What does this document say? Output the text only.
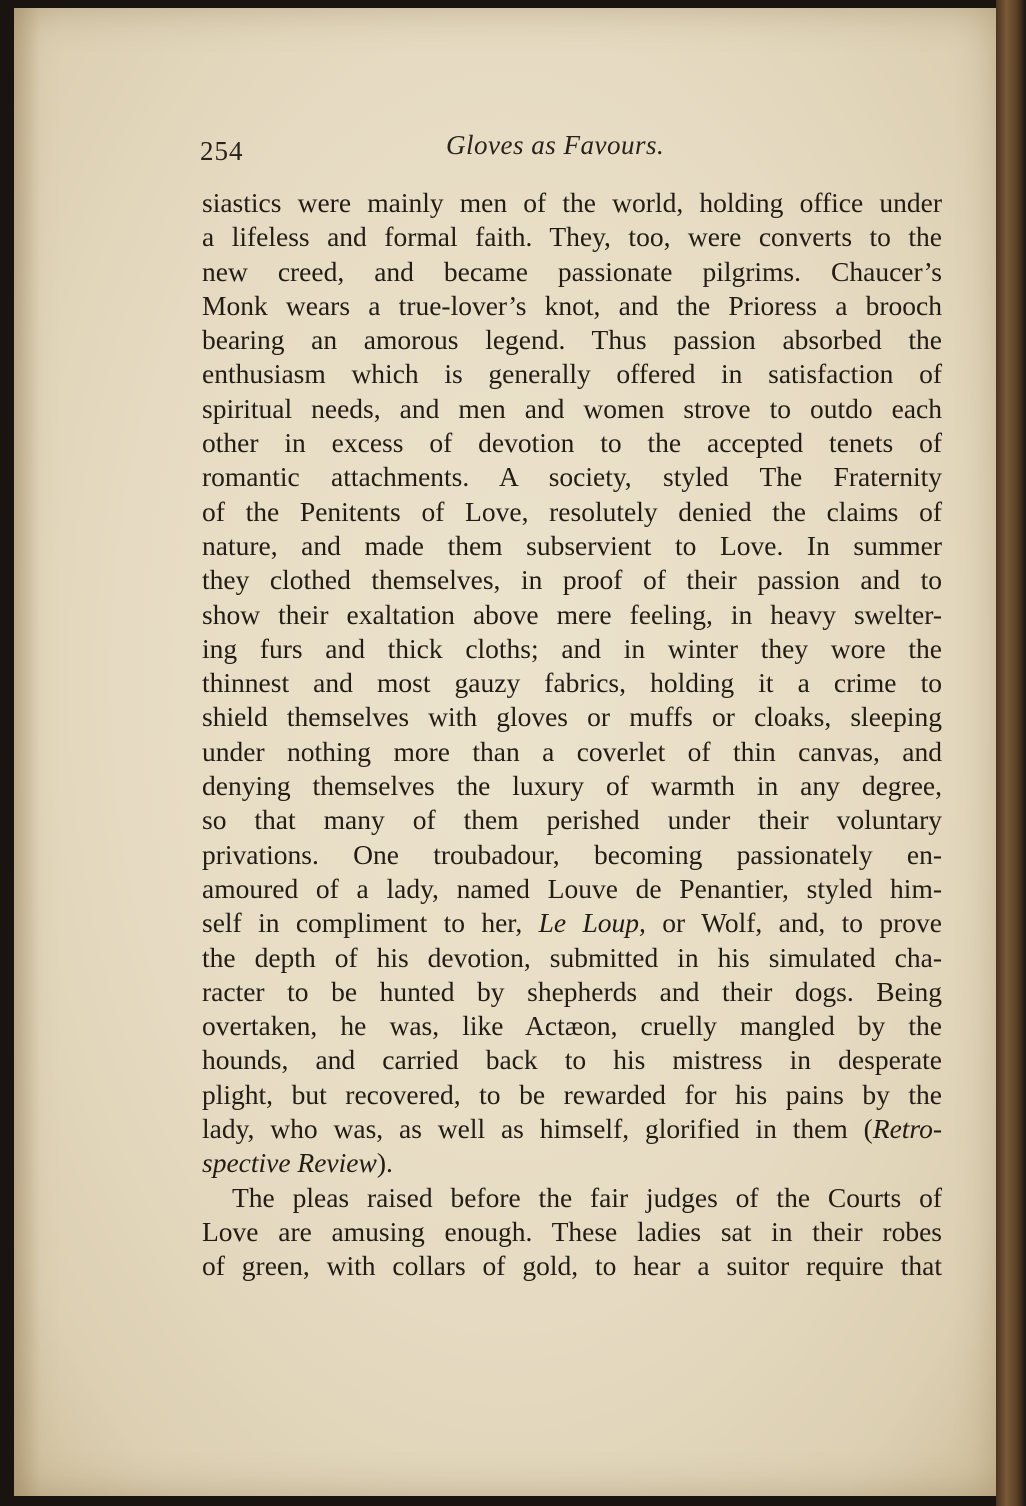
254	Gloves as Favours.
siastics were mainly men of the world, holding office under
a lifeless and formal faith. They, too, were converts to the
new creed, and became passionate pilgrims. Chaucer’s
Monk wears a true-lover’s knot, and the Prioress a brooch
bearing an amorous legend. Thus passion absorbed the
enthusiasm which is generally offered in satisfaction of
spiritual needs, and men and women strove to outdo each
other in excess of devotion to the accepted tenets of
romantic attachments. A society, styled The Fraternity
of the Penitents of Love, resolutely denied the claims of
nature, and made them subservient to Love. In summer
they clothed themselves, in proof of their passion and to
show their exaltation above mere feeling, in heavy swelter-
ing furs and thick cloths; and in winter they wore the
thinnest and most gauzy fabrics, holding it a crime to
shield themselves with gloves or muffs or cloaks, sleeping
under nothing more than a coverlet of thin canvas, and
denying themselves the luxury of warmth in any degree,
so that many of them perished under their voluntary
privations. One troubadour, becoming passionately en-
amoured of a lady, named Louve de Penantier, styled him-
self in compliment to her, Le Loup, or Wolf, and, to prove
the depth of his devotion, submitted in his simulated cha-
racter to be hunted by shepherds and their dogs. Being
overtaken, he was, like Actæon, cruelly mangled by the
hounds, and carried back to his mistress in desperate
plight, but recovered, to be rewarded for his pains by the
lady, who was, as well as himself, glorified in them (Retro-
spective Review).
The pleas raised before the fair judges of the Courts of
Love are amusing enough. These ladies sat in their robes
of green, with collars of gold, to hear a suitor require that
